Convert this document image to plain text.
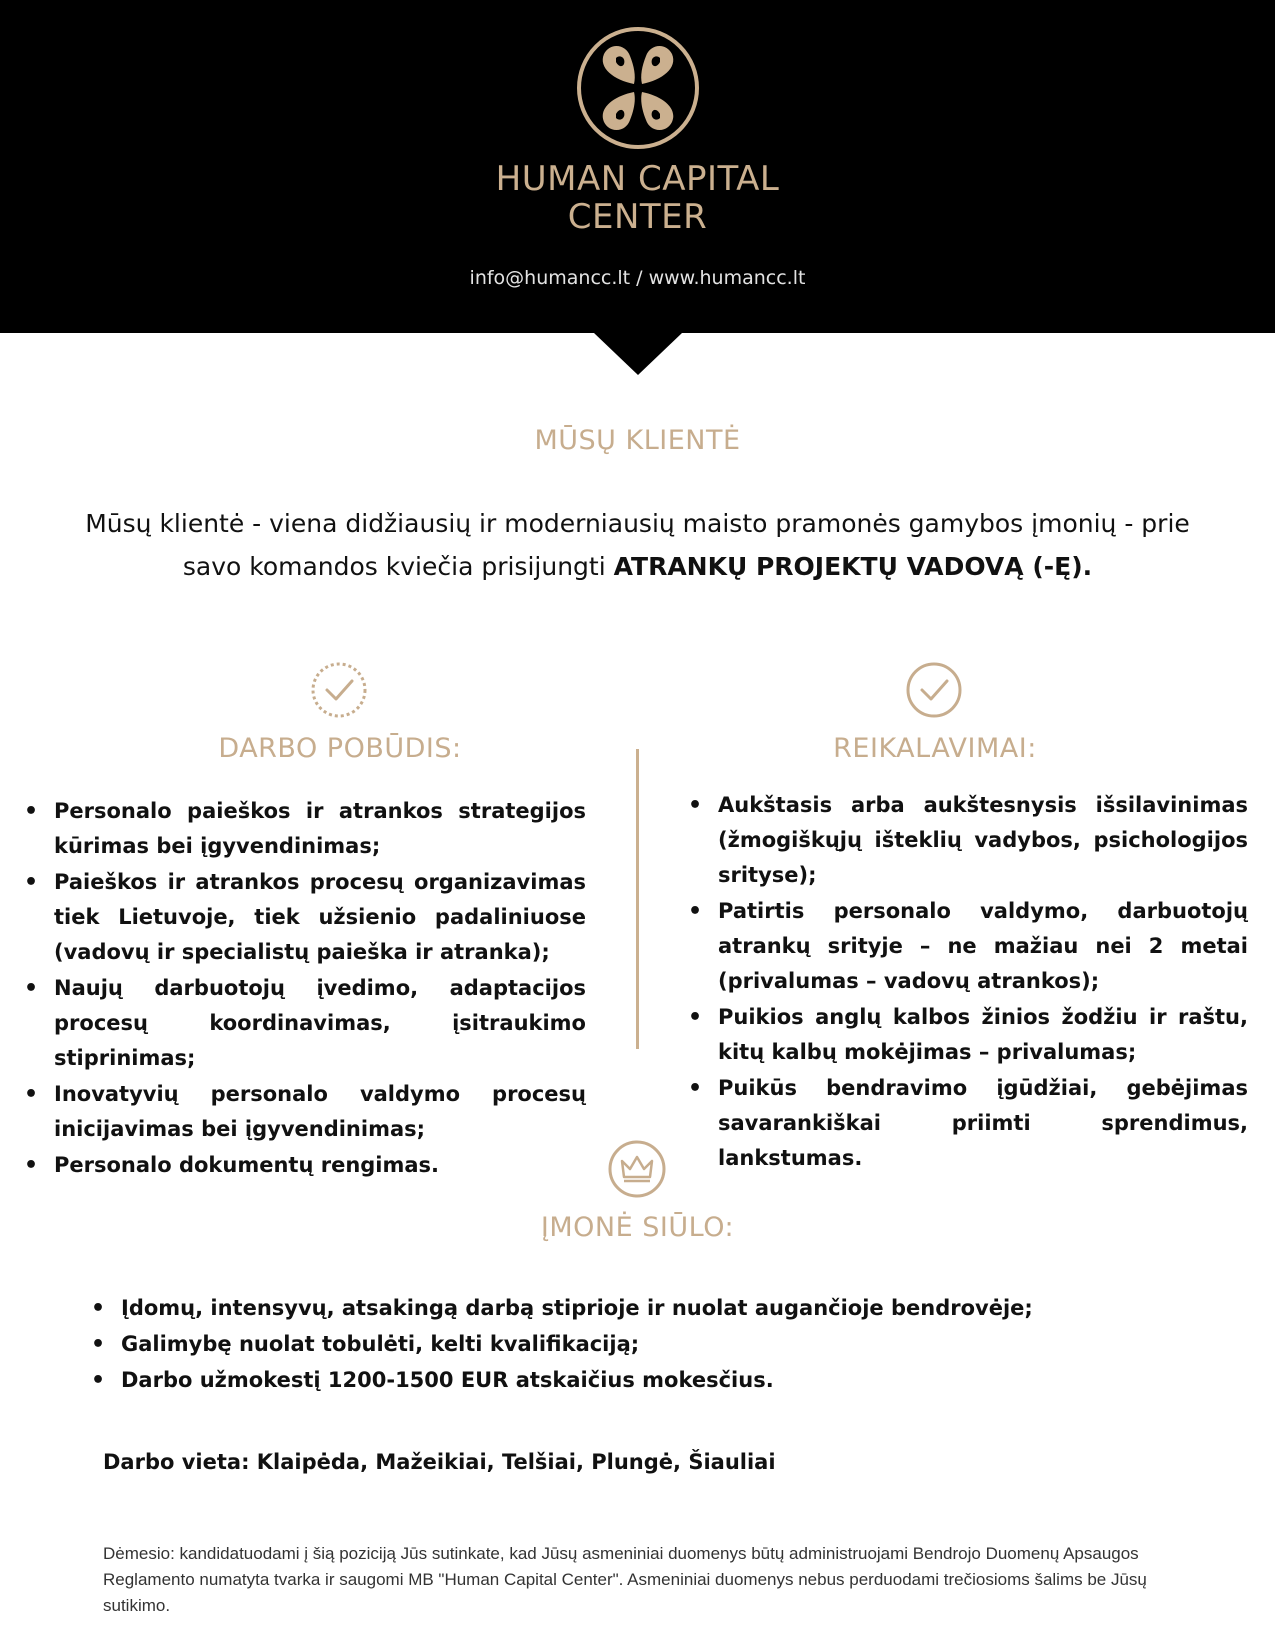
HUMAN CAPITAL
CENTER
info@humancc.lt / www.humancc.lt
MŪSŲ KLIENTĖ
Mūsų klientė - viena didžiausių ir moderniausių maisto pramonės gamybos įmonių - prie savo komandos kviečia prisijungti ATRANKŲ PROJEKTŲ VADOVĄ (-Ę).
DARBO POBŪDIS:	REIKALAVIMAI:
• Personalo paieškos ir atrankos strategijos kūrimas bei įgyvendinimas;
• Paieškos ir atrankos procesų organizavimas tiek Lietuvoje, tiek užsienio padaliniuose (vadovų ir specialistų paieška ir atranka);
• Naujų darbuotojų įvedimo, adaptacijos procesų koordinavimas, įsitraukimo stiprinimas;
• Inovatyvių personalo valdymo procesų inicijavimas bei įgyvendinimas;
• Personalo dokumentų rengimas.
• Aukštasis arba aukštesnysis išsilavinimas (žmogiškųjų išteklių vadybos, psichologijos srityse);
• Patirtis personalo valdymo, darbuotojų atrankų srityje – ne mažiau nei 2 metai (privalumas – vadovų atrankos);
• Puikios anglų kalbos žinios žodžiu ir raštu, kitų kalbų mokėjimas – privalumas;
• Puikūs bendravimo įgūdžiai, gebėjimas savarankiškai priimti sprendimus, lankstumas.
ĮMONĖ SIŪLO:
• Įdomų, intensyvų, atsakingą darbą stiprioje ir nuolat augančioje bendrovėje;
• Galimybę nuolat tobulėti, kelti kvalifikaciją;
• Darbo užmokestį 1200-1500 EUR atskaičius mokesčius.
Darbo vieta: Klaipėda, Mažeikiai, Telšiai, Plungė, Šiauliai
Dėmesio: kandidatuodami į šią poziciją Jūs sutinkate, kad Jūsų asmeniniai duomenys būtų administruojami Bendrojo Duomenų Apsaugos Reglamento numatyta tvarka ir saugomi MB "Human Capital Center". Asmeniniai duomenys nebus perduodami trečiosioms šalims be Jūsų sutikimo.
